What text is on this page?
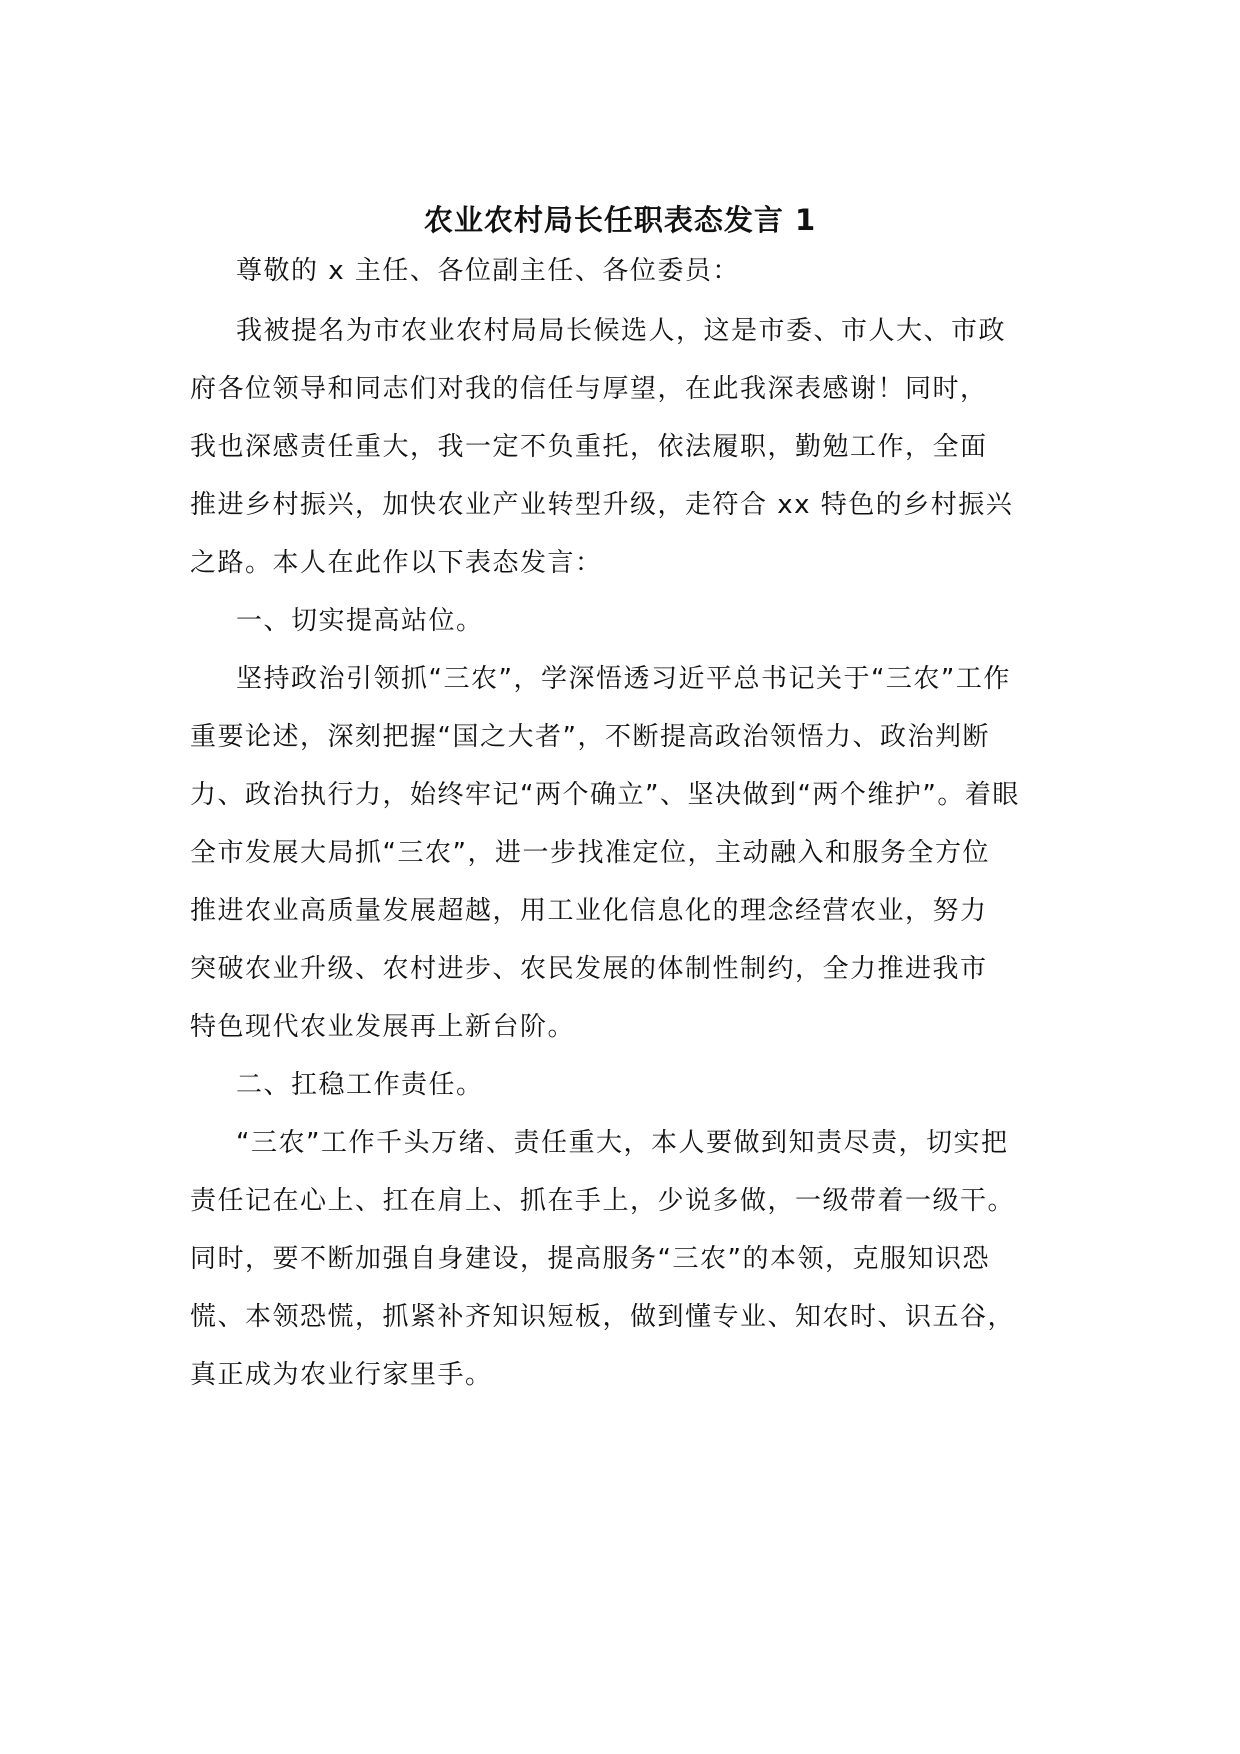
农业农村局长任职表态发言 1

尊敬的 x 主任、各位副主任、各位委员：

我被提名为市农业农村局局长候选人，这是市委、市人大、市政

府各位领导和同志们对我的信任与厚望，在此我深表感谢！同时，

我也深感责任重大，我一定不负重托，依法履职，勤勉工作，全面

推进乡村振兴，加快农业产业转型升级，走符合 xx 特色的乡村振兴

之路。本人在此作以下表态发言：

一、切实提高站位。

坚持政治引领抓“三农”，学深悟透习近平总书记关于“三农”工作

重要论述，深刻把握“国之大者”，不断提高政治领悟力、政治判断

力、政治执行力，始终牢记“两个确立”、坚决做到“两个维护”。着眼

全市发展大局抓“三农”，进一步找准定位，主动融入和服务全方位

推进农业高质量发展超越，用工业化信息化的理念经营农业，努力

突破农业升级、农村进步、农民发展的体制性制约，全力推进我市

特色现代农业发展再上新台阶。

二、扛稳工作责任。

“三农”工作千头万绪、责任重大，本人要做到知责尽责，切实把

责任记在心上、扛在肩上、抓在手上，少说多做，一级带着一级干。

同时，要不断加强自身建设，提高服务“三农”的本领，克服知识恐

慌、本领恐慌，抓紧补齐知识短板，做到懂专业、知农时、识五谷，

真正成为农业行家里手。
